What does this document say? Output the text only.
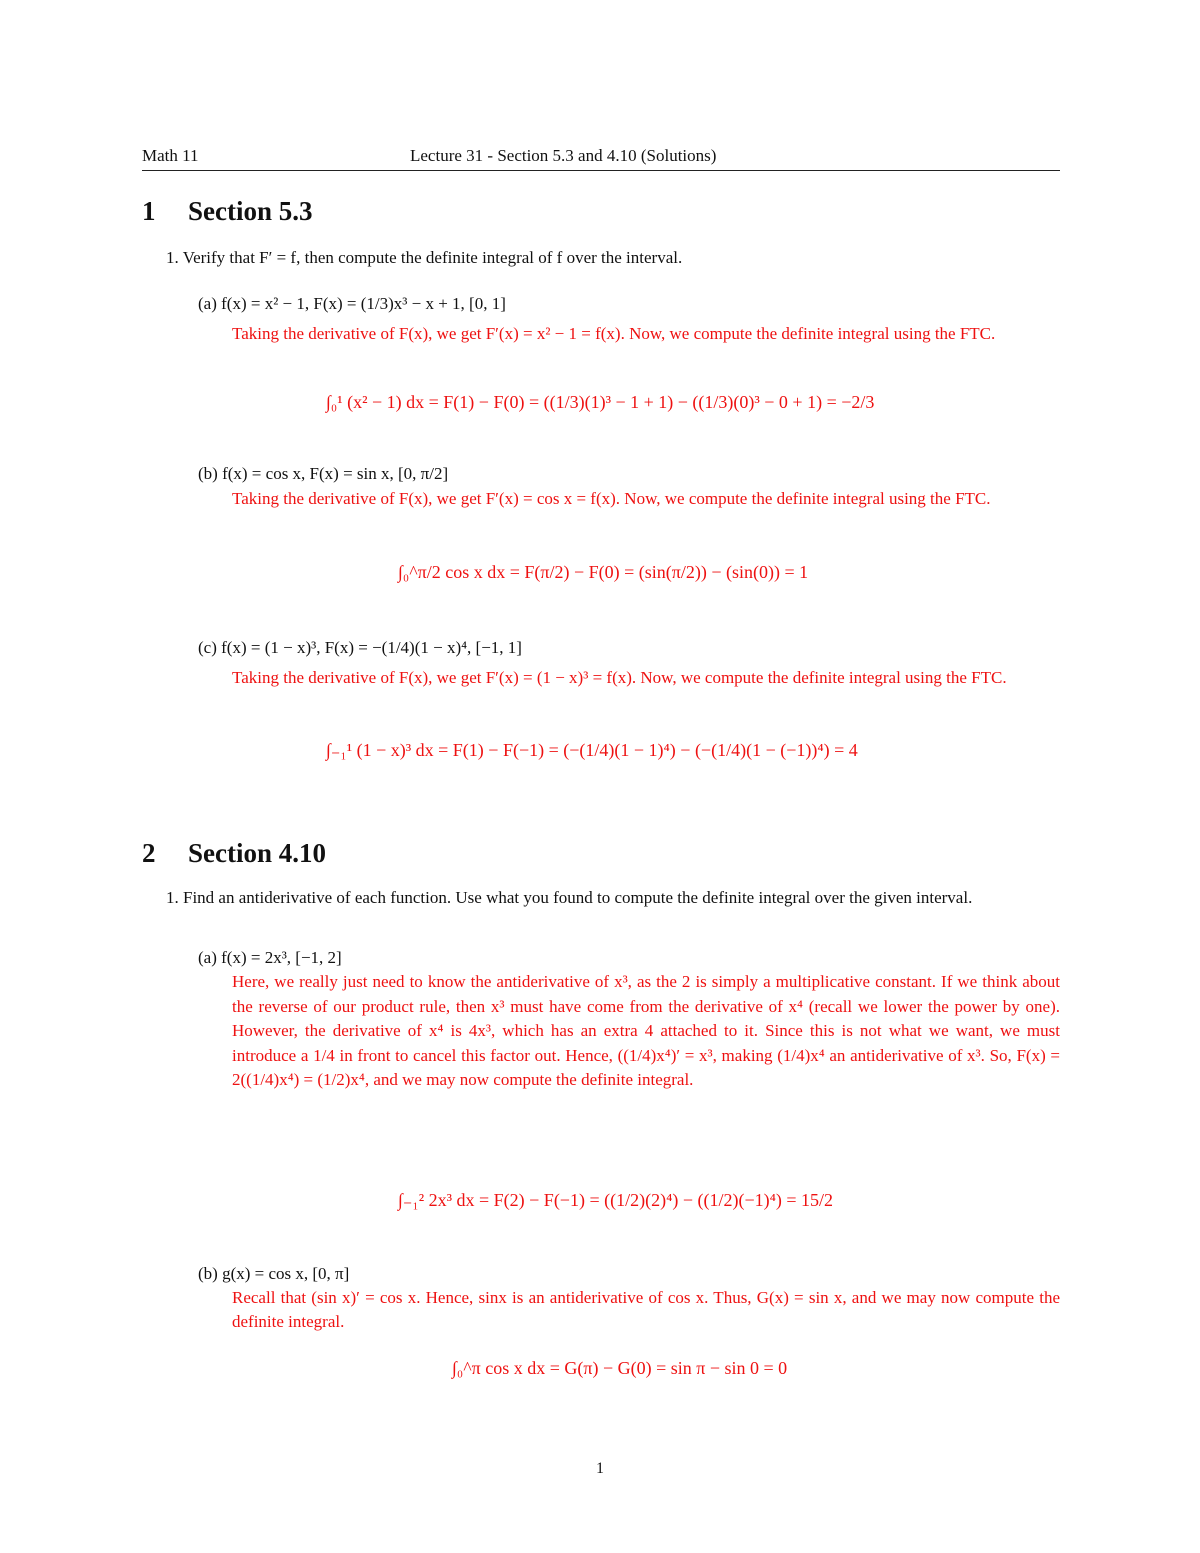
Math 11	Lecture 31 - Section 5.3 and 4.10 (Solutions)
1 Section 5.3
1. Verify that F′ = f, then compute the definite integral of f over the interval.
(a) f(x) = x² − 1, F(x) = (1/3)x³ − x + 1, [0, 1]
Taking the derivative of F(x), we get F′(x) = x² − 1 = f(x). Now, we compute the definite integral using the FTC.
∫₀¹ (x² − 1) dx = F(1) − F(0) = ((1/3)(1)³ − 1 + 1) − ((1/3)(0)³ − 0 + 1) = −2/3
(b) f(x) = cos x, F(x) = sin x, [0, π/2]
Taking the derivative of F(x), we get F′(x) = cos x = f(x). Now, we compute the definite integral using the FTC.
∫₀^π/2 cos x dx = F(π/2) − F(0) = (sin(π/2)) − (sin(0)) = 1
(c) f(x) = (1 − x)³, F(x) = −(1/4)(1 − x)⁴, [−1, 1]
Taking the derivative of F(x), we get F′(x) = (1 − x)³ = f(x). Now, we compute the definite integral using the FTC.
∫₋₁¹ (1 − x)³ dx = F(1) − F(−1) = (−(1/4)(1 − 1)⁴) − (−(1/4)(1 − (−1))⁴) = 4
2 Section 4.10
1. Find an antiderivative of each function. Use what you found to compute the definite integral over the given interval.
(a) f(x) = 2x³, [−1, 2]
Here, we really just need to know the antiderivative of x³, as the 2 is simply a multiplicative constant. If we think about the reverse of our product rule, then x³ must have come from the derivative of x⁴ (recall we lower the power by one). However, the derivative of x⁴ is 4x³, which has an extra 4 attached to it. Since this is not what we want, we must introduce a 1/4 in front to cancel this factor out. Hence, ((1/4)x⁴)′ = x³, making (1/4)x⁴ an antiderivative of x³. So, F(x) = 2((1/4)x⁴) = (1/2)x⁴, and we may now compute the definite integral.
∫₋₁² 2x³ dx = F(2) − F(−1) = ((1/2)(2)⁴) − ((1/2)(−1)⁴) = 15/2
(b) g(x) = cos x, [0, π]
Recall that (sin x)′ = cos x. Hence, sinx is an antiderivative of cos x. Thus, G(x) = sin x, and we may now compute the definite integral.
∫₀^π cos x dx = G(π) − G(0) = sin π − sin 0 = 0
1
